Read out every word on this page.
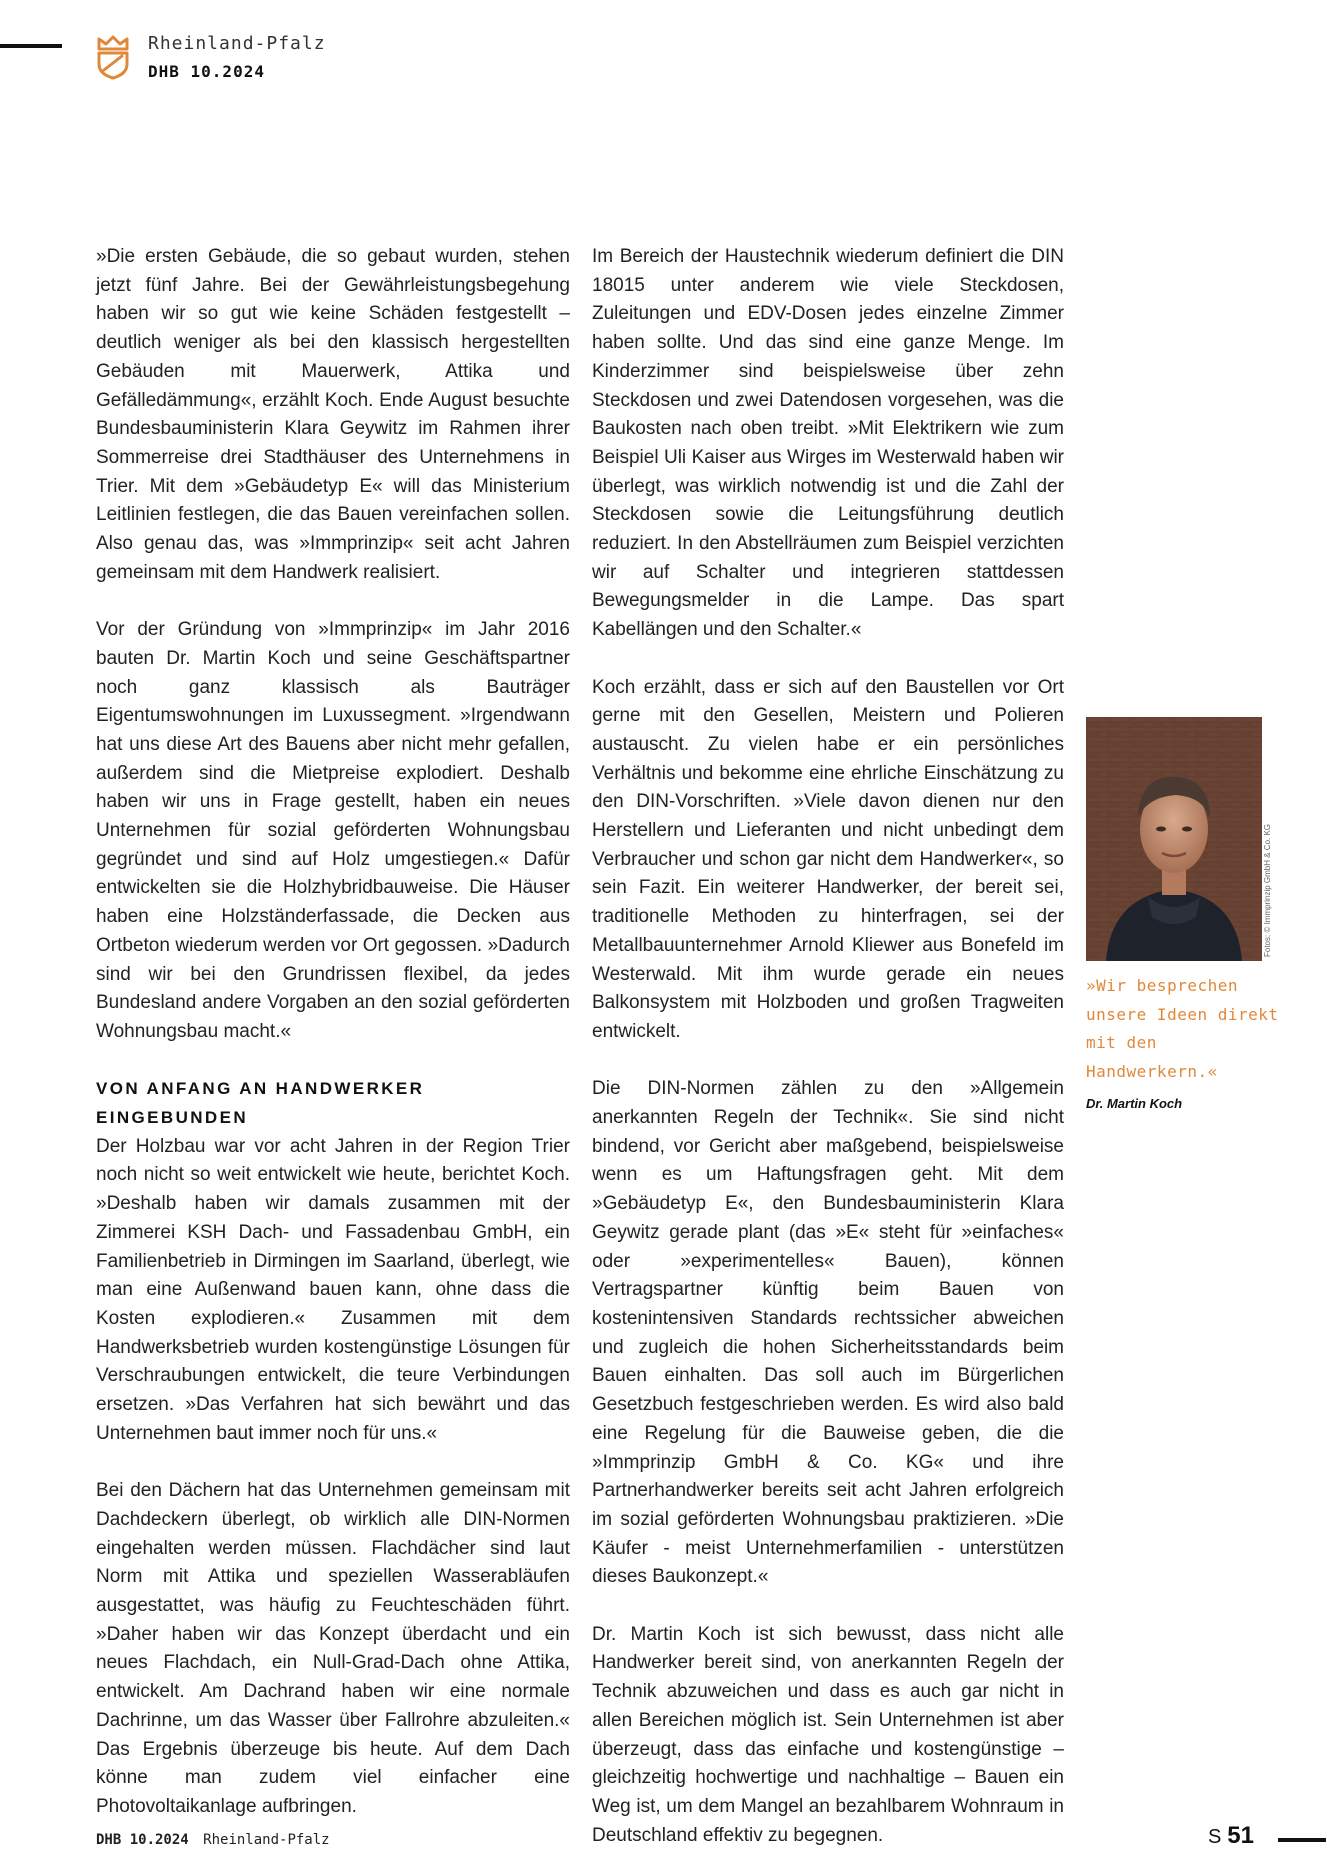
Rheinland-Pfalz
DHB 10.2024

»Die ersten Gebäude, die so gebaut wurden, stehen jetzt fünf Jahre. Bei der Gewährleistungsbegehung haben wir so gut wie keine Schäden festgestellt – deutlich weniger als bei den klassisch hergestellten Gebäuden mit Mauerwerk, Attika und Gefälledämmung«, erzählt Koch. Ende August besuchte Bundesbauministerin Klara Geywitz im Rahmen ihrer Sommerreise drei Stadthäuser des Unternehmens in Trier. Mit dem »Gebäudetyp E« will das Ministerium Leitlinien festlegen, die das Bauen vereinfachen sollen. Also genau das, was »Immprinzip« seit acht Jahren gemeinsam mit dem Handwerk realisiert.

Vor der Gründung von »Immprinzip« im Jahr 2016 bauten Dr. Martin Koch und seine Geschäftspartner noch ganz klassisch als Bauträger Eigentumswohnungen im Luxussegment. »Irgendwann hat uns diese Art des Bauens aber nicht mehr gefallen, außerdem sind die Mietpreise explodiert. Deshalb haben wir uns in Frage gestellt, haben ein neues Unternehmen für sozial geförderten Wohnungsbau gegründet und sind auf Holz umgestiegen.« Dafür entwickelten sie die Holzhybridbauweise. Die Häuser haben eine Holzständerfassade, die Decken aus Ortbeton wiederum werden vor Ort gegossen. »Dadurch sind wir bei den Grundrissen flexibel, da jedes Bundesland andere Vorgaben an den sozial geförderten Wohnungsbau macht.«

VON ANFANG AN HANDWERKER EINGEBUNDEN

Der Holzbau war vor acht Jahren in der Region Trier noch nicht so weit entwickelt wie heute, berichtet Koch. »Deshalb haben wir damals zusammen mit der Zimmerei KSH Dach- und Fassadenbau GmbH, ein Familienbetrieb in Dirmingen im Saarland, überlegt, wie man eine Außenwand bauen kann, ohne dass die Kosten explodieren.« Zusammen mit dem Handwerksbetrieb wurden kostengünstige Lösungen für Verschraubungen entwickelt, die teure Verbindungen ersetzen. »Das Verfahren hat sich bewährt und das Unternehmen baut immer noch für uns.«

Bei den Dächern hat das Unternehmen gemeinsam mit Dachdeckern überlegt, ob wirklich alle DIN-Normen eingehalten werden müssen. Flachdächer sind laut Norm mit Attika und speziellen Wasserabläufen ausgestattet, was häufig zu Feuchteschäden führt. »Daher haben wir das Konzept überdacht und ein neues Flachdach, ein Null-Grad-Dach ohne Attika, entwickelt. Am Dachrand haben wir eine normale Dachrinne, um das Wasser über Fallrohre abzuleiten.« Das Ergebnis überzeuge bis heute. Auf dem Dach könne man zudem viel einfacher eine Photovoltaikanlage aufbringen.

Im Bereich der Haustechnik wiederum definiert die DIN 18015 unter anderem wie viele Steckdosen, Zuleitungen und EDV-Dosen jedes einzelne Zimmer haben sollte. Und das sind eine ganze Menge. Im Kinderzimmer sind beispielsweise über zehn Steckdosen und zwei Datendosen vorgesehen, was die Baukosten nach oben treibt. »Mit Elektrikern wie zum Beispiel Uli Kaiser aus Wirges im Westerwald haben wir überlegt, was wirklich notwendig ist und die Zahl der Steckdosen sowie die Leitungsführung deutlich reduziert. In den Abstellräumen zum Beispiel verzichten wir auf Schalter und integrieren stattdessen Bewegungsmelder in die Lampe. Das spart Kabellängen und den Schalter.«

Koch erzählt, dass er sich auf den Baustellen vor Ort gerne mit den Gesellen, Meistern und Polieren austauscht. Zu vielen habe er ein persönliches Verhältnis und bekomme eine ehrliche Einschätzung zu den DIN-Vorschriften. »Viele davon dienen nur den Herstellern und Lieferanten und nicht unbedingt dem Verbraucher und schon gar nicht dem Handwerker«, so sein Fazit. Ein weiterer Handwerker, der bereit sei, traditionelle Methoden zu hinterfragen, sei der Metallbauunternehmer Arnold Kliewer aus Bonefeld im Westerwald. Mit ihm wurde gerade ein neues Balkonsystem mit Holzboden und großen Tragweiten entwickelt.

Die DIN-Normen zählen zu den »Allgemein anerkannten Regeln der Technik«. Sie sind nicht bindend, vor Gericht aber maßgebend, beispielsweise wenn es um Haftungsfragen geht. Mit dem »Gebäudetyp E«, den Bundesbauministerin Klara Geywitz gerade plant (das »E« steht für »einfaches« oder »experimentelles« Bauen), können Vertragspartner künftig beim Bauen von kostenintensiven Standards rechtssicher abweichen und zugleich die hohen Sicherheitsstandards beim Bauen einhalten. Das soll auch im Bürgerlichen Gesetzbuch festgeschrieben werden. Es wird also bald eine Regelung für die Bauweise geben, die die »Immprinzip GmbH & Co. KG« und ihre Partnerhandwerker bereits seit acht Jahren erfolgreich im sozial geförderten Wohnungsbau praktizieren. »Die Käufer - meist Unternehmerfamilien - unterstützen dieses Baukonzept.«

Dr. Martin Koch ist sich bewusst, dass nicht alle Handwerker bereit sind, von anerkannten Regeln der Technik abzuweichen und dass es auch gar nicht in allen Bereichen möglich ist. Sein Unternehmen ist aber überzeugt, dass das einfache und kostengünstige – gleichzeitig hochwertige und nachhaltige – Bauen ein Weg ist, um dem Mangel an bezahlbarem Wohnraum in Deutschland effektiv zu begegnen.

Fotos: © Immprinzip GmbH & Co. KG
»Wir besprechen unsere Ideen direkt mit den Handwerkern.«
Dr. Martin Koch
DHB 10.2024 Rheinland-Pfalz	S 51
